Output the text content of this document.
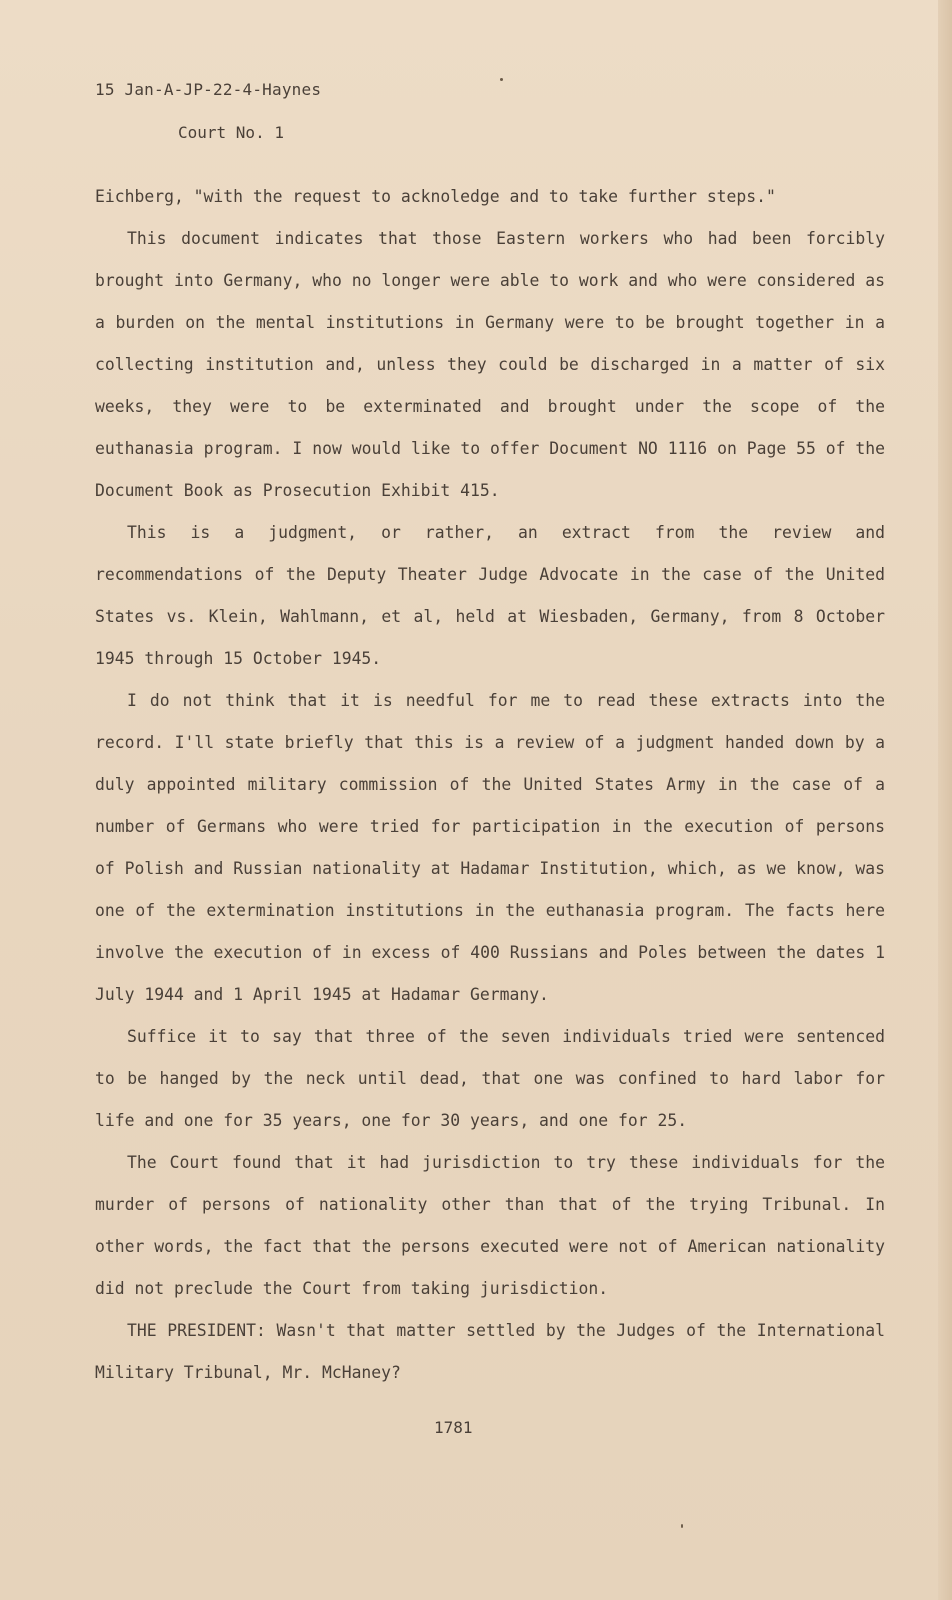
15 Jan-A-JP-22-4-Haynes
Court No. 1

Eichberg, "with the request to acknoledge and to take further steps."

This document indicates that those Eastern workers who had been forcibly brought into Germany, who no longer were able to work and who were considered as a burden on the mental institutions in Germany were to be brought together in a collecting institution and, unless they could be discharged in a matter of six weeks, they were to be exterminated and brought under the scope of the euthanasia program. I now would like to offer Document NO 1116 on Page 55 of the Document Book as Prosecution Exhibit 415.

This is a judgment, or rather, an extract from the review and recommendations of the Deputy Theater Judge Advocate in the case of the United States vs. Klein, Wahlmann, et al, held at Wiesbaden, Germany, from 8 October 1945 through 15 October 1945.

I do not think that it is needful for me to read these extracts into the record. I'll state briefly that this is a review of a judgment handed down by a duly appointed military commission of the United States Army in the case of a number of Germans who were tried for participation in the execution of persons of Polish and Russian nationality at Hadamar Institution, which, as we know, was one of the extermination institutions in the euthanasia program. The facts here involve the execution of in excess of 400 Russians and Poles between the dates 1 July 1944 and 1 April 1945 at Hadamar Germany.

Suffice it to say that three of the seven individuals tried were sentenced to be hanged by the neck until dead, that one was confined to hard labor for life and one for 35 years, one for 30 years, and one for 25.

The Court found that it had jurisdiction to try these individuals for the murder of persons of nationality other than that of the trying Tribunal. In other words, the fact that the persons executed were not of American nationality did not preclude the Court from taking jurisdiction.

THE PRESIDENT: Wasn't that matter settled by the Judges of the International Military Tribunal, Mr. McHaney?

1781
